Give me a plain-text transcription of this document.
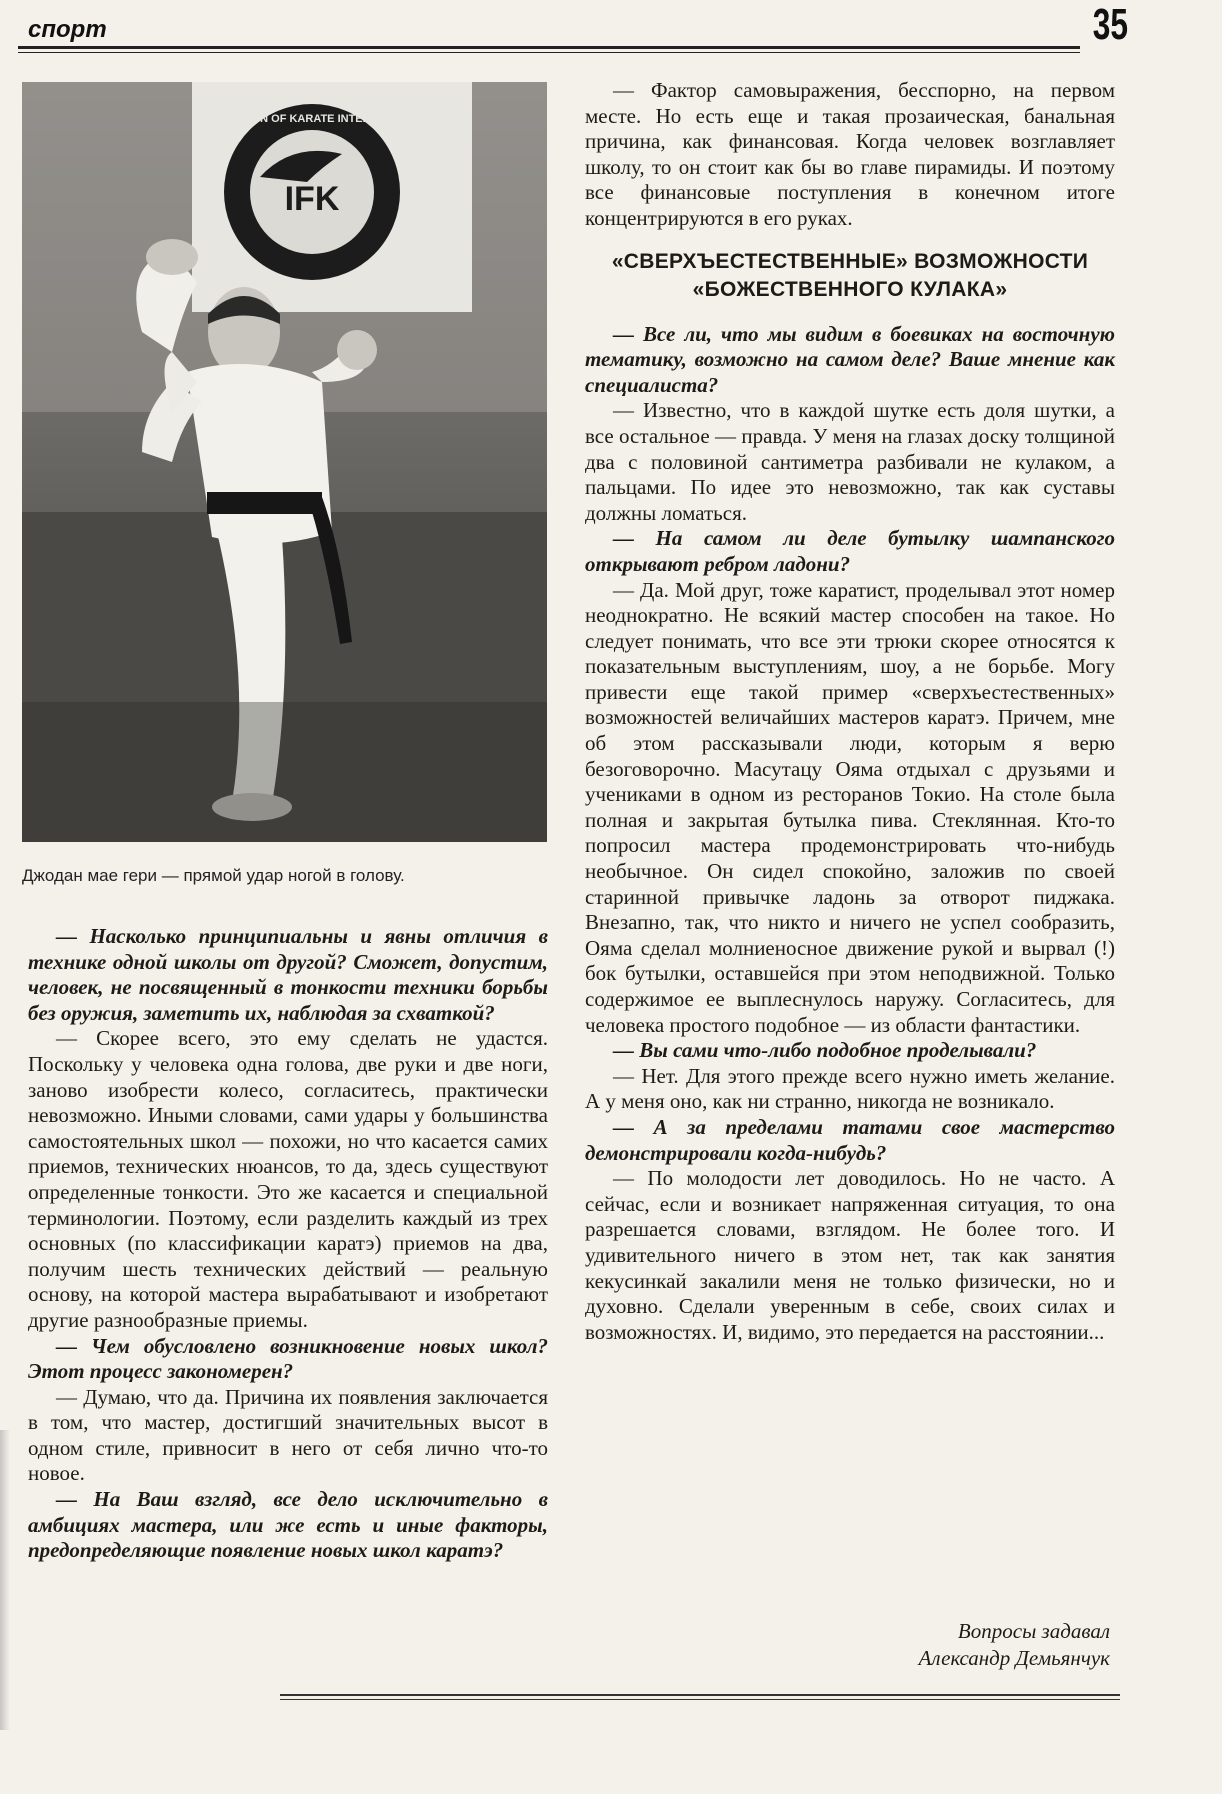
спорт	35
IFK
FEDERATION OF KARATE INTERNATIONAL
Джодан мае гери — прямой удар ногой в голову.

— Насколько принципиальны и явны отличия в технике одной школы от другой? Сможет, допустим, человек, не посвященный в тонкости техники борьбы без оружия, заметить их, наблюдая за схваткой?

— Скорее всего, это ему сделать не удастся. Поскольку у человека одна голова, две руки и две ноги, заново изобрести колесо, согласитесь, практически невозможно. Иными словами, сами удары у большинства самостоятельных школ — похожи, но что касается самих приемов, технических нюансов, то да, здесь существуют определенные тонкости. Это же касается и специальной терминологии. Поэтому, если разделить каждый из трех основных (по классификации каратэ) приемов на два, получим шесть технических действий — реальную основу, на которой мастера вырабатывают и изобретают другие разнообразные приемы.

— Чем обусловлено возникновение новых школ? Этот процесс закономерен?

— Думаю, что да. Причина их появления заключается в том, что мастер, достигший значительных высот в одном стиле, привносит в него от себя лично что-то новое.

— На Ваш взгляд, все дело исключительно в амбициях мастера, или же есть и иные факторы, предопределяющие появление новых школ каратэ?

— Фактор самовыражения, бесспорно, на первом месте. Но есть еще и такая прозаическая, банальная причина, как финансовая. Когда человек возглавляет школу, то он стоит как бы во главе пирамиды. И поэтому все финансовые поступления в конечном итоге концентрируются в его руках.

«СВЕРХЪЕСТЕСТВЕННЫЕ» ВОЗМОЖНОСТИ
«БОЖЕСТВЕННОГО КУЛАКА»

— Все ли, что мы видим в боевиках на восточную тематику, возможно на самом деле? Ваше мнение как специалиста?

— Известно, что в каждой шутке есть доля шутки, а все остальное — правда. У меня на глазах доску толщиной два с половиной сантиметра разбивали не кулаком, а пальцами. По идее это невозможно, так как суставы должны ломаться.

— На самом ли деле бутылку шампанского открывают ребром ладони?

— Да. Мой друг, тоже каратист, проделывал этот номер неоднократно. Не всякий мастер способен на такое. Но следует понимать, что все эти трюки скорее относятся к показательным выступлениям, шоу, а не борьбе. Могу привести еще такой пример «сверхъестественных» возможностей величайших мастеров каратэ. Причем, мне об этом рассказывали люди, которым я верю безоговорочно. Масутацу Ояма отдыхал с друзьями и учениками в одном из ресторанов Токио. На столе была полная и закрытая бутылка пива. Стеклянная. Кто-то попросил мастера продемонстрировать что-нибудь необычное. Он сидел спокойно, заложив по своей старинной привычке ладонь за отворот пиджака. Внезапно, так, что никто и ничего не успел сообразить, Ояма сделал молниеносное движение рукой и вырвал (!) бок бутылки, оставшейся при этом неподвижной. Только содержимое ее выплеснулось наружу. Согласитесь, для человека простого подобное — из области фантастики.

— Вы сами что-либо подобное проделывали?

— Нет. Для этого прежде всего нужно иметь желание. А у меня оно, как ни странно, никогда не возникало.

— А за пределами татами свое мастерство демонстрировали когда-нибудь?

— По молодости лет доводилось. Но не часто. А сейчас, если и возникает напряженная ситуация, то она разрешается словами, взглядом. Не более того. И удивительного ничего в этом нет, так как занятия кекусинкай закалили меня не только физически, но и духовно. Сделали уверенным в себе, своих силах и возможностях. И, видимо, это передается на расстоянии...

Вопросы задавал
Александр Демьянчук
